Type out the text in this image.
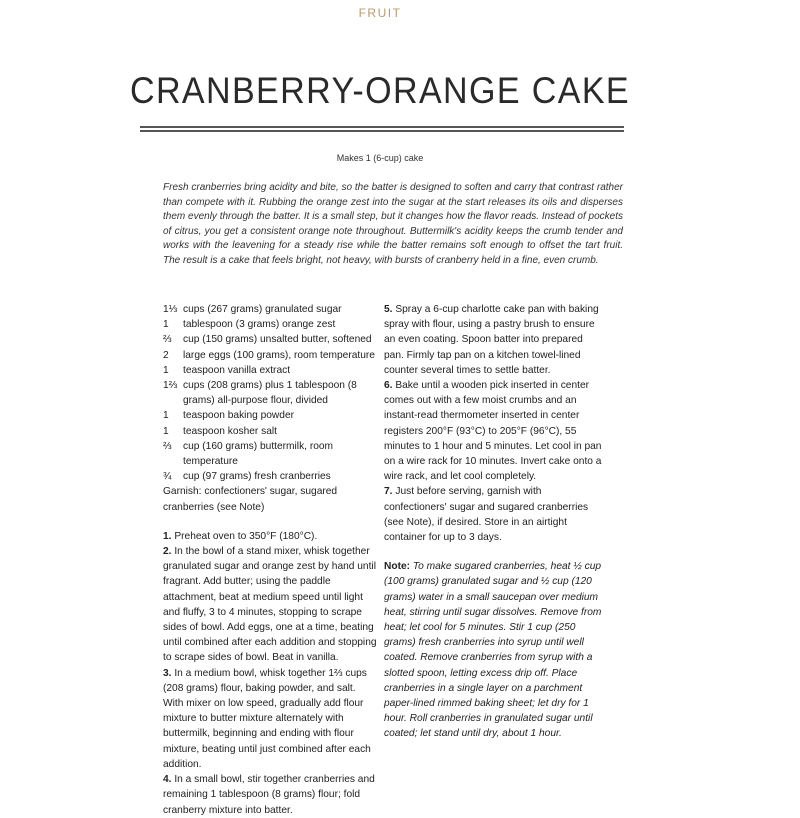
FRUIT
CRANBERRY-ORANGE CAKE
Makes 1 (6-cup) cake

Fresh cranberries bring acidity and bite, so the batter is designed to soften and carry that contrast rather than compete with it. Rubbing the orange zest into the sugar at the start releases its oils and disperses them evenly through the batter. It is a small step, but it changes how the flavor reads. Instead of pockets of citrus, you get a consistent orange note throughout. Buttermilk's acidity keeps the crumb tender and works with the leavening for a steady rise while the batter remains soft enough to offset the tart fruit. The result is a cake that feels bright, not heavy, with bursts of cranberry held in a fine, even crumb.

1⅓ cups (267 grams) granulated sugar
1	tablespoon (3 grams) orange zest
⅔	cup (150 grams) unsalted butter, softened
2	large eggs (100 grams), room temperature
1	teaspoon vanilla extract
1⅔ cups (208 grams) plus 1 tablespoon (8 grams) all-purpose flour, divided
1	teaspoon baking powder
1	teaspoon kosher salt
⅔	cup (160 grams) buttermilk, room temperature
¾	cup (97 grams) fresh cranberries
Garnish: confectioners' sugar, sugared cranberries (see Note)

1. Preheat oven to 350°F (180°C).

2. In the bowl of a stand mixer, whisk together granulated sugar and orange zest by hand until fragrant. Add butter; using the paddle attachment, beat at medium speed until light and fluffy, 3 to 4 minutes, stopping to scrape sides of bowl. Add eggs, one at a time, beating until combined after each addition and stopping to scrape sides of bowl. Beat in vanilla.

3. In a medium bowl, whisk together 1⅔ cups (208 grams) flour, baking powder, and salt. With mixer on low speed, gradually add flour mixture to butter mixture alternately with buttermilk, beginning and ending with flour mixture, beating until just combined after each addition.

4. In a small bowl, stir together cranberries and remaining 1 tablespoon (8 grams) flour; fold cranberry mixture into batter.

5. Spray a 6-cup charlotte cake pan with baking spray with flour, using a pastry brush to ensure an even coating. Spoon batter into prepared pan. Firmly tap pan on a kitchen towel-lined counter several times to settle batter.

6. Bake until a wooden pick inserted in center comes out with a few moist crumbs and an instant-read thermometer inserted in center registers 200°F (93°C) to 205°F (96°C), 55 minutes to 1 hour and 5 minutes. Let cool in pan on a wire rack for 10 minutes. Invert cake onto a wire rack, and let cool completely.

7. Just before serving, garnish with confectioners' sugar and sugared cranberries (see Note), if desired. Store in an airtight container for up to 3 days.

Note: To make sugared cranberries, heat ½ cup (100 grams) granulated sugar and ½ cup (120 grams) water in a small saucepan over medium heat, stirring until sugar dissolves. Remove from heat; let cool for 5 minutes. Stir 1 cup (250 grams) fresh cranberries into syrup until well coated. Remove cranberries from syrup with a slotted spoon, letting excess drip off. Place cranberries in a single layer on a parchment paper-lined rimmed baking sheet; let dry for 1 hour. Roll cranberries in granulated sugar until coated; let stand until dry, about 1 hour.
